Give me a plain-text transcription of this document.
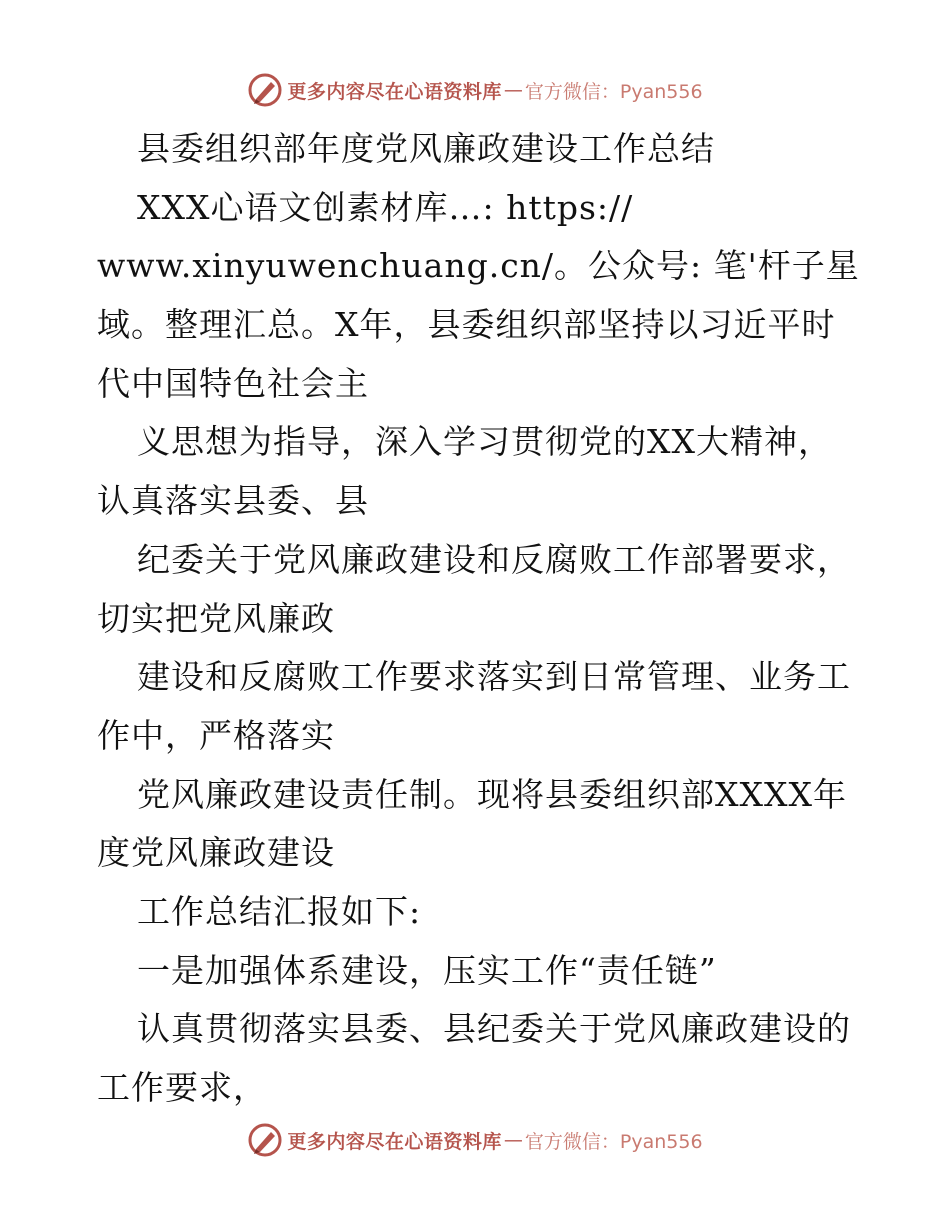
更多内容尽在心语资料库 — 官方微信：Pyan556
县委组织部年度党风廉政建设工作总结
XXX心语文创素材库…: https://
www.xinyuwenchuang.cn/。公众号: 笔'杆子星
域。整理汇总。X年，县委组织部坚持以习近平时
代中国特色社会主
义思想为指导，深入学习贯彻党的XX大精神，
认真落实县委、县
纪委关于党风廉政建设和反腐败工作部署要求，
切实把党风廉政
建设和反腐败工作要求落实到日常管理、业务工
作中，严格落实
党风廉政建设责任制。现将县委组织部XXXX年
度党风廉政建设
工作总结汇报如下:
一是加强体系建设，压实工作“责任链”
认真贯彻落实县委、县纪委关于党风廉政建设的
工作要求，
更多内容尽在心语资料库 — 官方微信：Pyan556
